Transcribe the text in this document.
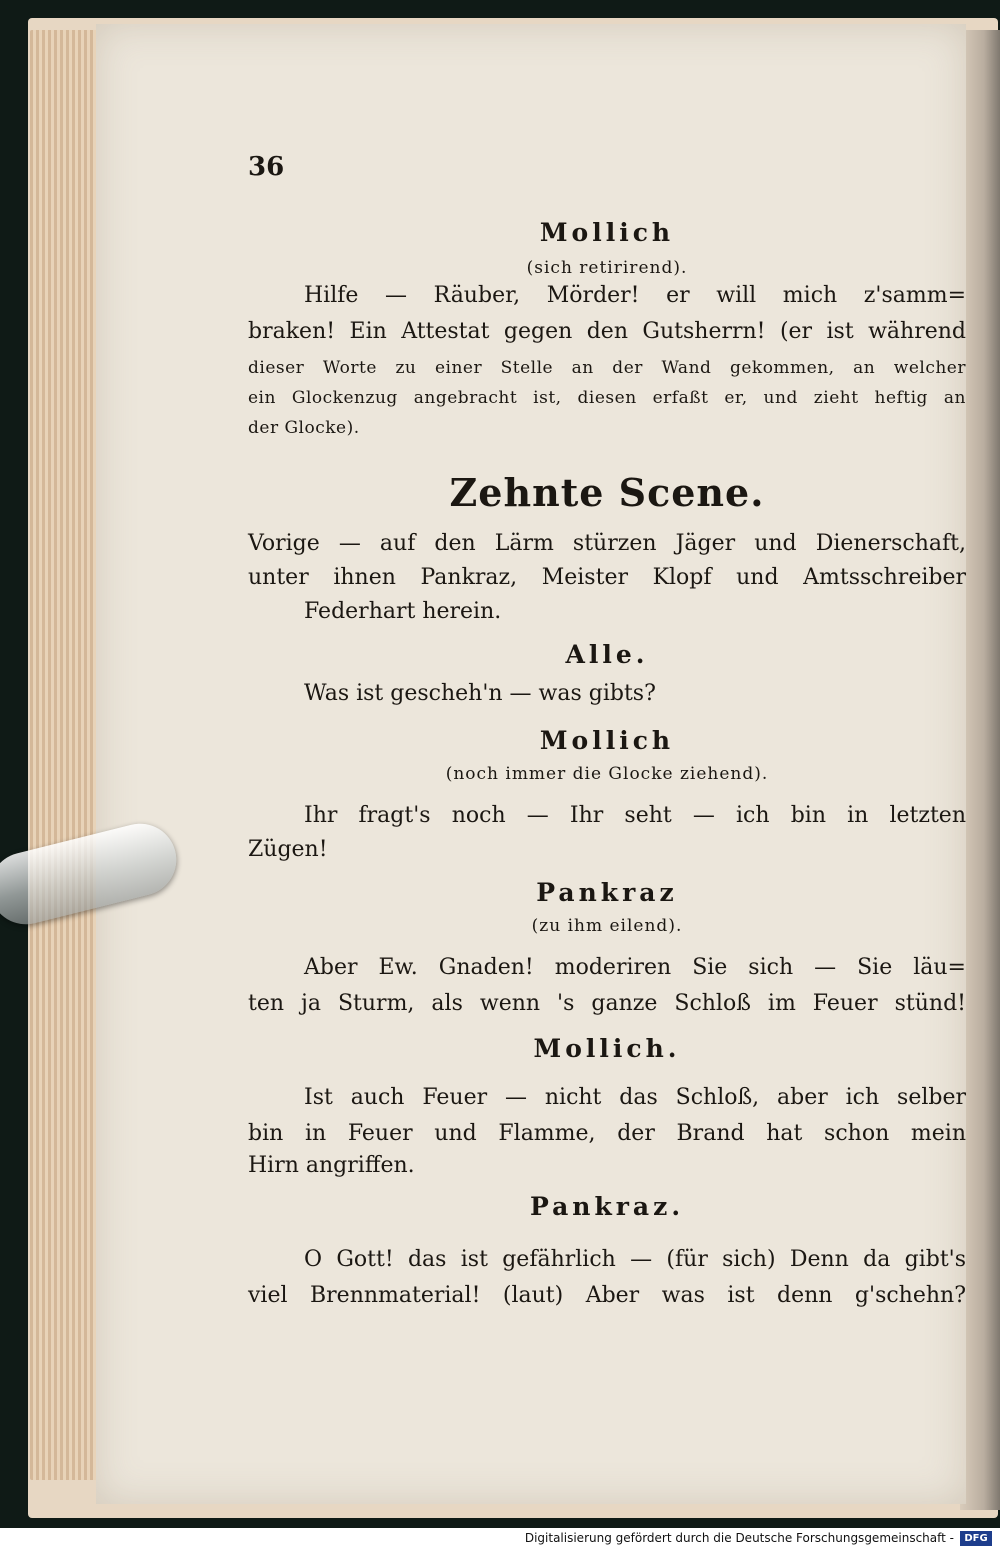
36
Mollich
(sich retirirend).
Hilfe — Räuber, Mörder! er will mich z'samm=
braken! Ein Attestat gegen den Gutsherrn! (er ist während
dieser Worte zu einer Stelle an der Wand gekommen, an welcher
ein Glockenzug angebracht ist, diesen erfaßt er, und zieht heftig an
der Glocke).
Zehnte Scene.
Vorige — auf den Lärm stürzen Jäger und Dienerschaft,
unter ihnen Pankraz, Meister Klopf und Amtsschreiber
Federhart herein.
Alle.
Was ist gescheh'n — was gibts?
Mollich
(noch immer die Glocke ziehend).
Ihr fragt's noch — Ihr seht — ich bin in letzten
Zügen!
Pankraz
(zu ihm eilend).
Aber Ew. Gnaden! moderiren Sie sich — Sie läu=
ten ja Sturm, als wenn 's ganze Schloß im Feuer stünd!
Mollich.
Ist auch Feuer — nicht das Schloß, aber ich selber
bin in Feuer und Flamme, der Brand hat schon mein
Hirn angriffen.
Pankraz.
O Gott! das ist gefährlich — (für sich) Denn da gibt's
viel Brennmaterial! (laut) Aber was ist denn g'schehn?
Digitalisierung gefördert durch die Deutsche Forschungsgemeinschaft -	DFG
